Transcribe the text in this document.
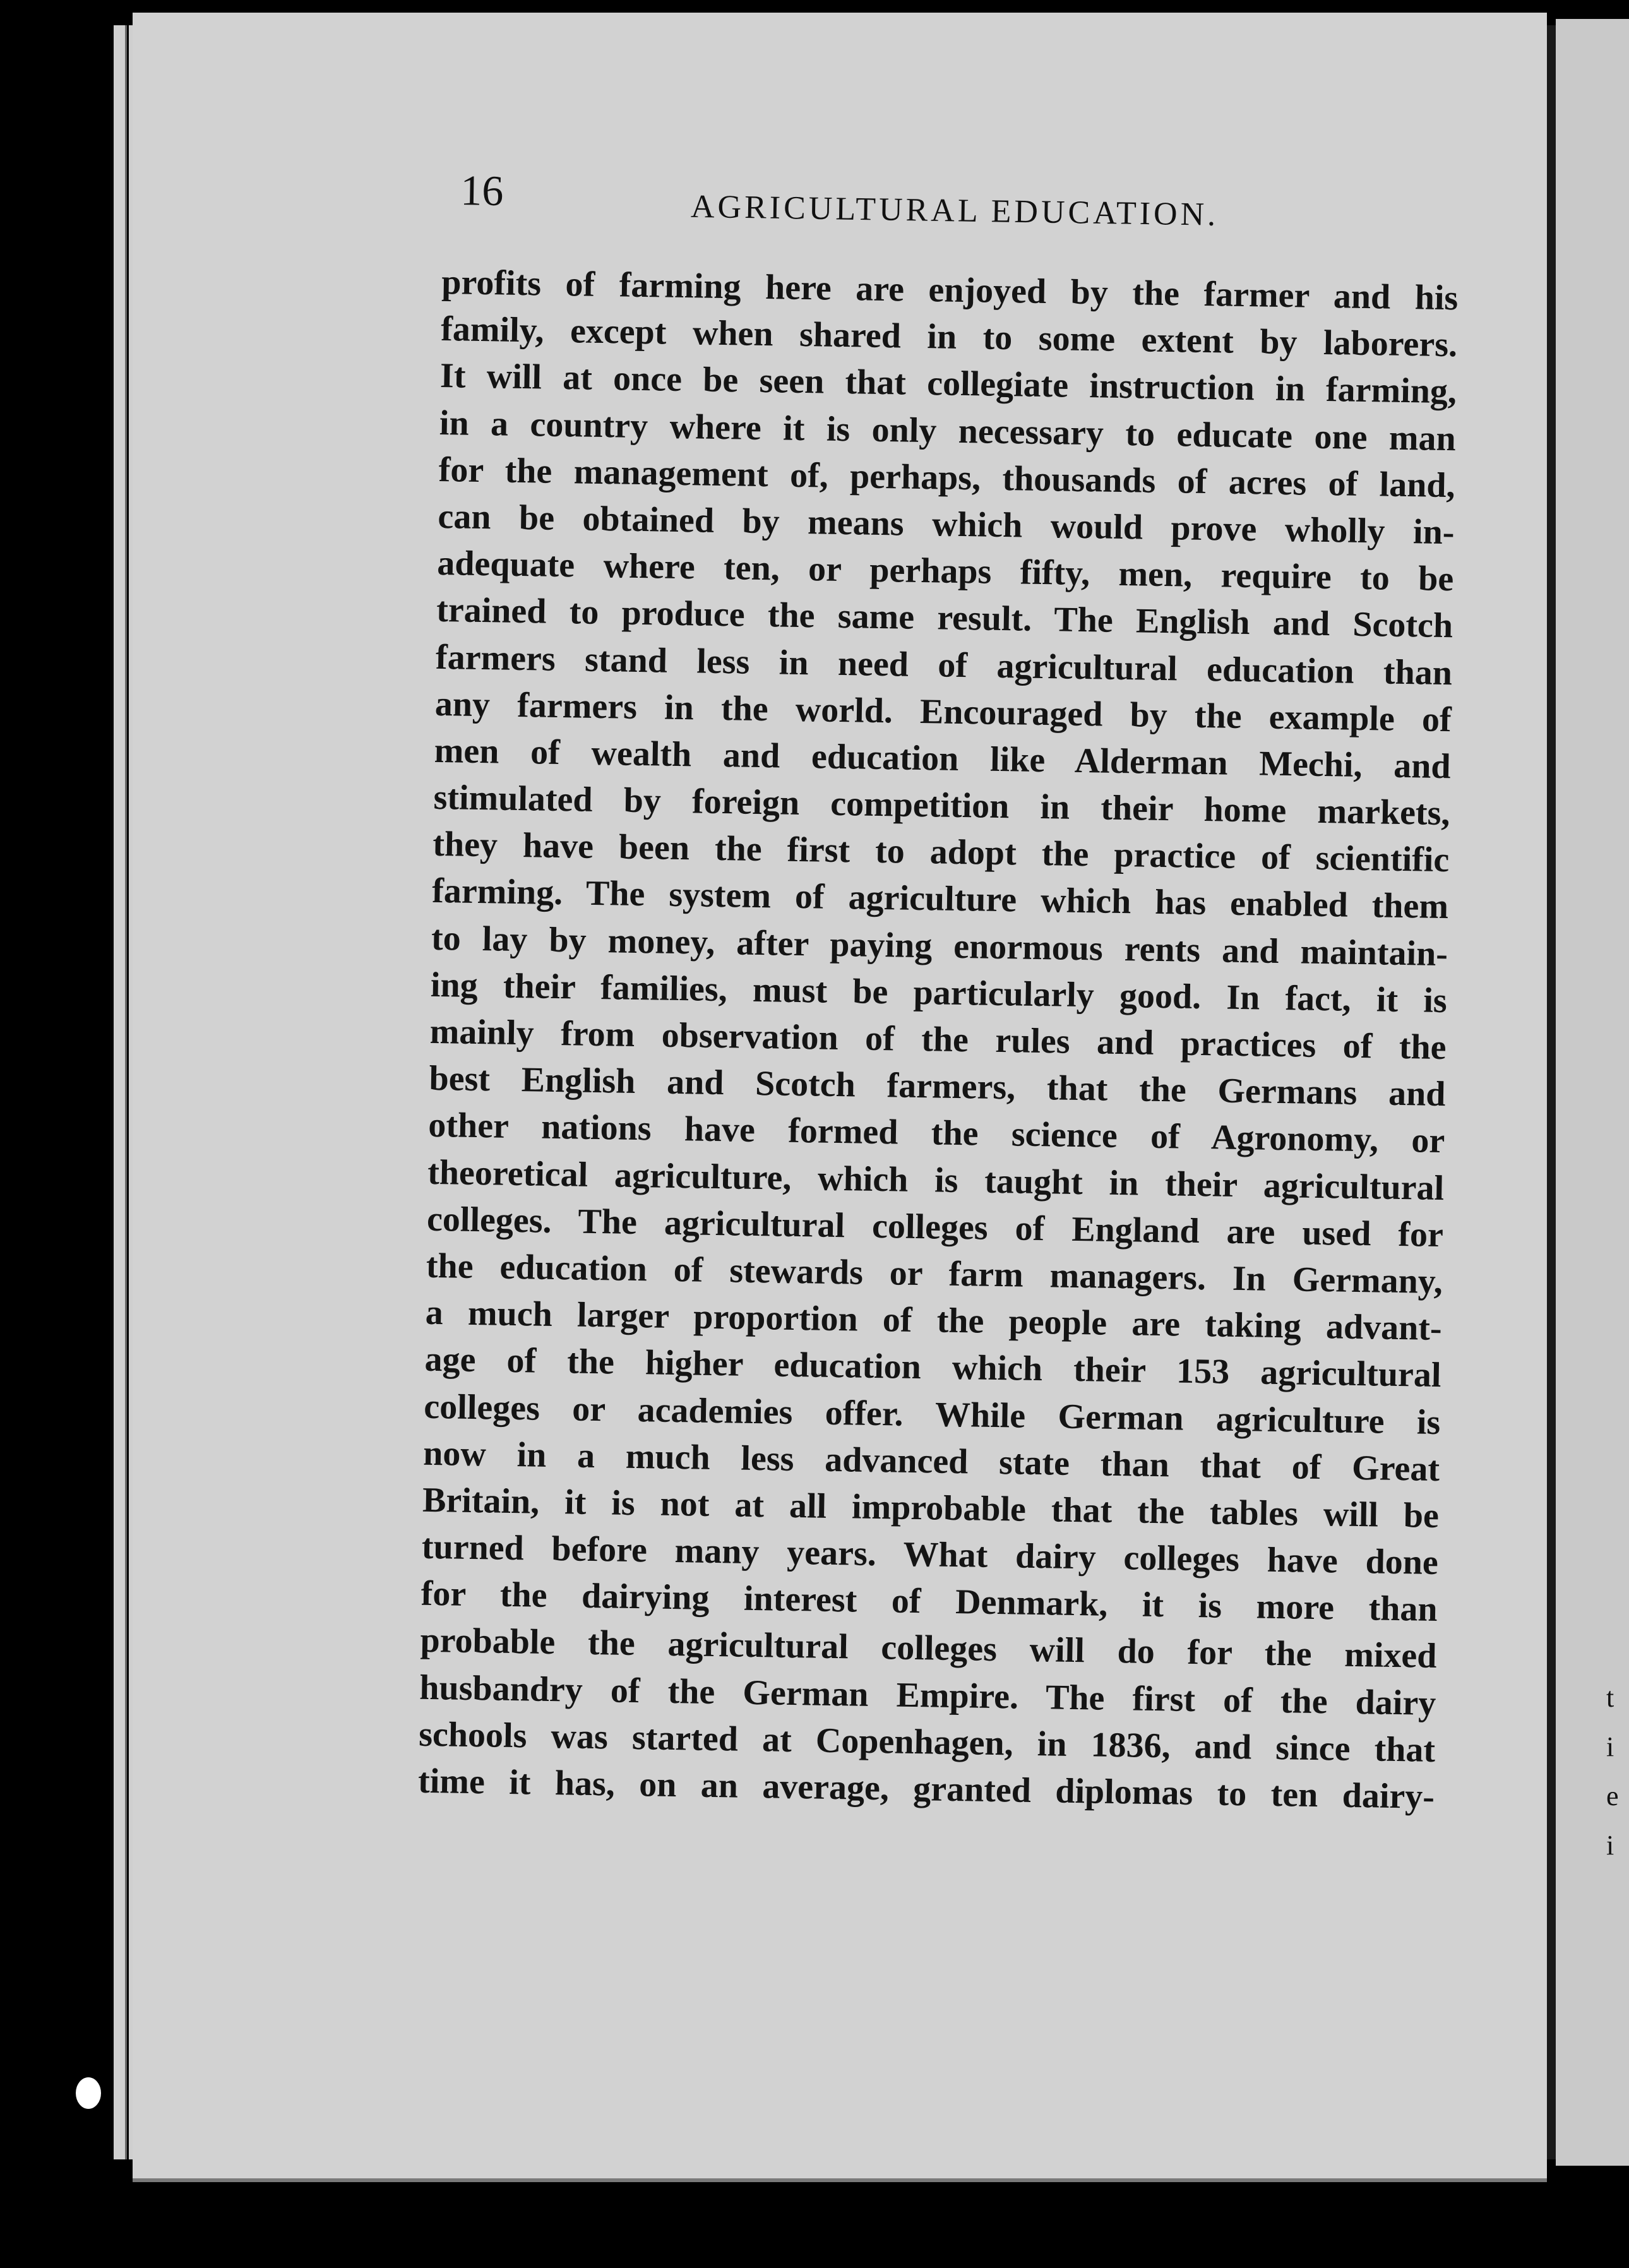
16	AGRICULTURAL EDUCATION.
profits of farming here are enjoyed by the farmer and his
family, except when shared in to some extent by laborers.
It will at once be seen that collegiate instruction in farming,
in a country where it is only necessary to educate one man
for the management of, perhaps, thousands of acres of land,
can be obtained by means which would prove wholly in-
adequate where ten, or perhaps fifty, men, require to be
trained to produce the same result. The English and Scotch
farmers stand less in need of agricultural education than
any farmers in the world. Encouraged by the example of
men of wealth and education like Alderman Mechi, and
stimulated by foreign competition in their home markets,
they have been the first to adopt the practice of scientific
farming. The system of agriculture which has enabled them
to lay by money, after paying enormous rents and maintain-
ing their families, must be particularly good. In fact, it is
mainly from observation of the rules and practices of the
best English and Scotch farmers, that the Germans and
other nations have formed the science of Agronomy, or
theoretical agriculture, which is taught in their agricultural
colleges. The agricultural colleges of England are used for
the education of stewards or farm managers. In Germany,
a much larger proportion of the people are taking advant-
age of the higher education which their 153 agricultural
colleges or academies offer. While German agriculture is
now in a much less advanced state than that of Great
Britain, it is not at all improbable that the tables will be
turned before many years. What dairy colleges have done
for the dairying interest of Denmark, it is more than
probable the agricultural colleges will do for the mixed
husbandry of the German Empire. The first of the dairy
schools was started at Copenhagen, in 1836, and since that
time it has, on an average, granted diplomas to ten dairy-
t
i
e
i
